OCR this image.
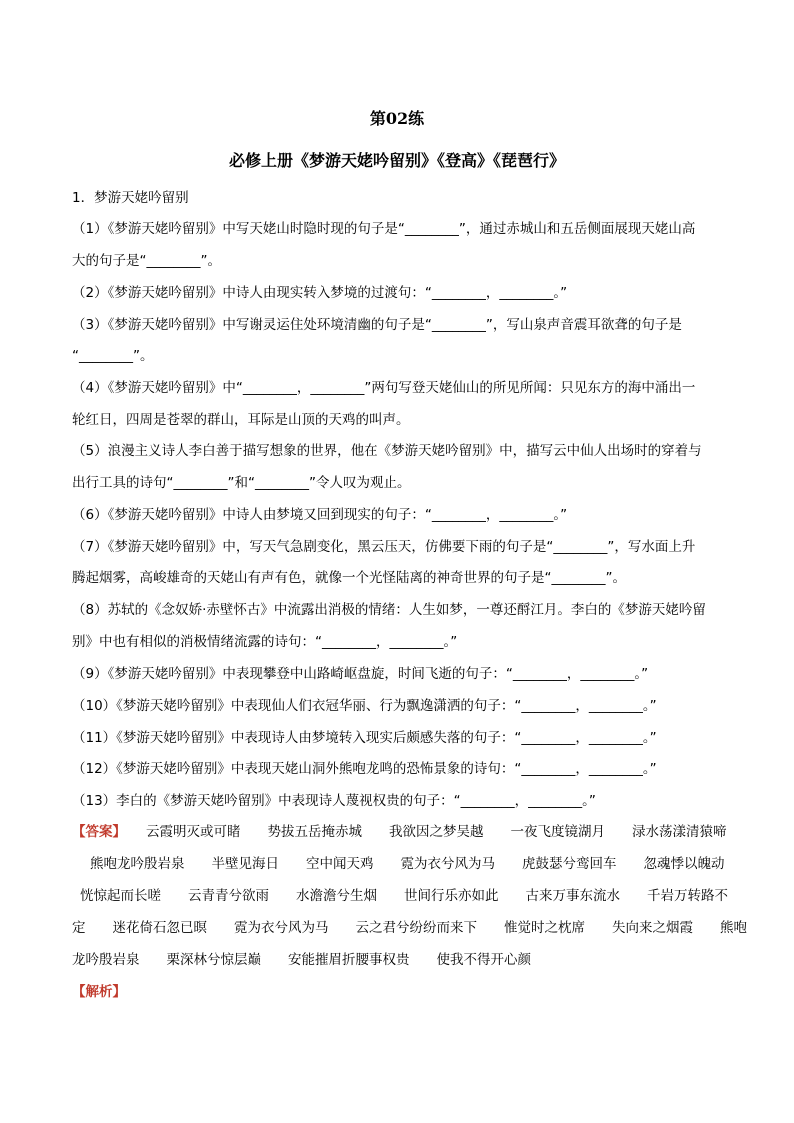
第02练
必修上册《梦游天姥吟留别》《登高》《琵琶行》
1．梦游天姥吟留别
（1）《梦游天姥吟留别》中写天姥山时隐时现的句子是“________”，通过赤城山和五岳侧面展现天姥山高
大的句子是“________”。
（2）《梦游天姥吟留别》中诗人由现实转入梦境的过渡句：“________，________。”
（3）《梦游天姥吟留别》中写谢灵运住处环境清幽的句子是“________”，写山泉声音震耳欲聋的句子是
“________”。
（4）《梦游天姥吟留别》中“________，________”两句写登天姥仙山的所见所闻：只见东方的海中涌出一
轮红日，四周是苍翠的群山，耳际是山顶的天鸡的叫声。
（5）浪漫主义诗人李白善于描写想象的世界，他在《梦游天姥吟留别》中，描写云中仙人出场时的穿着与
出行工具的诗句“________”和“________”令人叹为观止。
（6）《梦游天姥吟留别》中诗人由梦境又回到现实的句子：“________，________。”
（7）《梦游天姥吟留别》中，写天气急剧变化，黑云压天，仿佛要下雨的句子是“________”，写水面上升
腾起烟雾，高峻雄奇的天姥山有声有色，就像一个光怪陆离的神奇世界的句子是“________”。
（8）苏轼的《念奴娇·赤壁怀古》中流露出消极的情绪：人生如梦，一尊还酹江月。李白的《梦游天姥吟留
别》中也有相似的消极情绪流露的诗句：“________，________。”
（9）《梦游天姥吟留别》中表现攀登中山路崎岖盘旋，时间飞逝的句子：“________，________。”
（10）《梦游天姥吟留别》中表现仙人们衣冠华丽、行为飘逸潇洒的句子：“________，________。”
（11）《梦游天姥吟留别》中表现诗人由梦境转入现实后颇感失落的句子：“________，________。”
（12）《梦游天姥吟留别》中表现天姥山洞外熊咆龙鸣的恐怖景象的诗句：“________，________。”
（13）李白的《梦游天姥吟留别》中表现诗人蔑视权贵的句子：“________，________。”
【答案】	云霞明灭或可睹　　势拔五岳掩赤城　　我欲因之梦吴越　　一夜飞度镜湖月　　渌水荡漾清猿啼
熊咆龙吟殷岩泉　　半壁见海日　　空中闻天鸡　　霓为衣兮风为马　　虎鼓瑟兮鸾回车　　忽魂悸以魄动
恍惊起而长嗟　　云青青兮欲雨　　水澹澹兮生烟　　世间行乐亦如此　　古来万事东流水　　千岩万转路不
定　　迷花倚石忽已暝　　霓为衣兮风为马　　云之君兮纷纷而来下　　惟觉时之枕席　　失向来之烟霞　　熊咆
龙吟殷岩泉　　栗深林兮惊层巅　　安能摧眉折腰事权贵　　使我不得开心颜
【解析】
